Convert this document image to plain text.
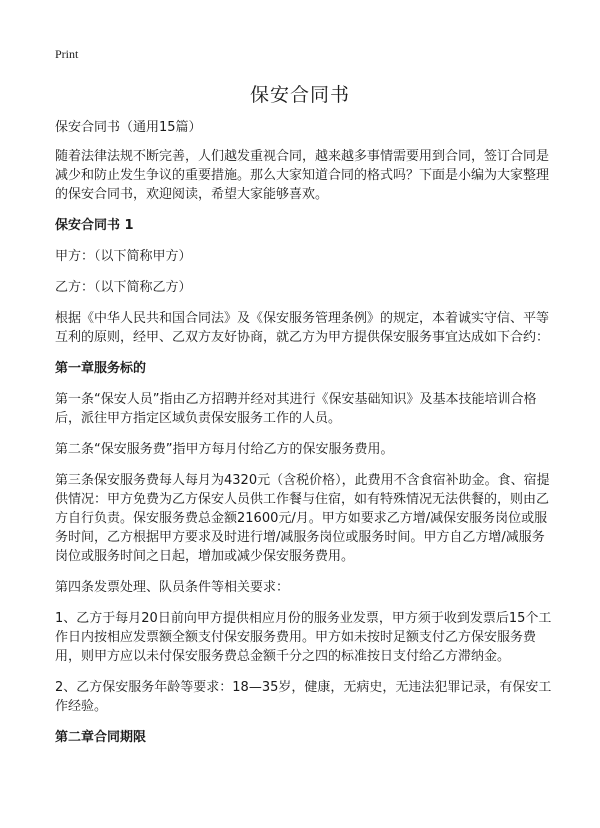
Print
保安合同书

保安合同书（通用15篇）

随着法律法规不断完善，人们越发重视合同，越来越多事情需要用到合同，签订合同是减少和防止发生争议的重要措施。那么大家知道合同的格式吗？下面是小编为大家整理的保安合同书，欢迎阅读，希望大家能够喜欢。

保安合同书 1

甲方：（以下简称甲方）

乙方：（以下简称乙方）

根据《中华人民共和国合同法》及《保安服务管理条例》的规定，本着诚实守信、平等互利的原则，经甲、乙双方友好协商，就乙方为甲方提供保安服务事宜达成如下合约：

第一章服务标的

第一条“保安人员”指由乙方招聘并经对其进行《保安基础知识》及基本技能培训合格后，派往甲方指定区域负责保安服务工作的人员。

第二条“保安服务费”指甲方每月付给乙方的保安服务费用。

第三条保安服务费每人每月为4320元（含税价格），此费用不含食宿补助金。食、宿提供情况：甲方免费为乙方保安人员供工作餐与住宿，如有特殊情况无法供餐的，则由乙方自行负责。保安服务费总金额21600元/月。甲方如要求乙方增/减保安服务岗位或服务时间，乙方根据甲方要求及时进行增/减服务岗位或服务时间。甲方自乙方增/减服务岗位或服务时间之日起，增加或减少保安服务费用。

第四条发票处理、队员条件等相关要求：

1、乙方于每月20日前向甲方提供相应月份的服务业发票，甲方须于收到发票后15个工作日内按相应发票额全额支付保安服务费用。甲方如未按时足额支付乙方保安服务费用，则甲方应以未付保安服务费总金额千分之四的标准按日支付给乙方滞纳金。

2、乙方保安服务年龄等要求：18—35岁，健康，无病史，无违法犯罪记录，有保安工作经验。

第二章合同期限
